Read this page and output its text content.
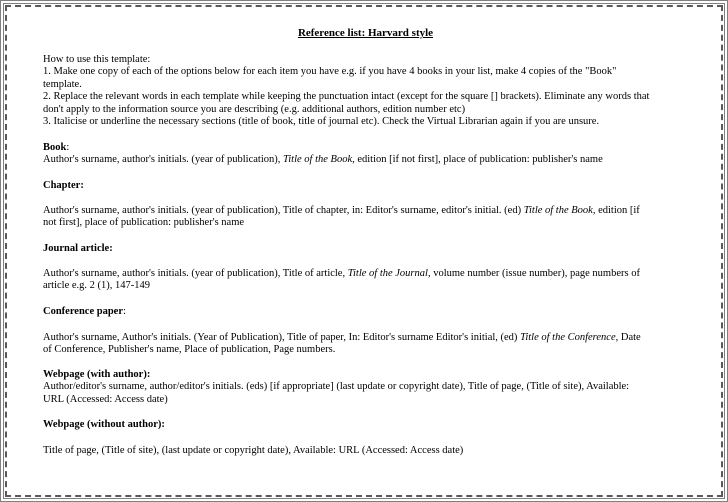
Reference list: Harvard style
How to use this template:
1. Make one copy of each of the options below for each item you have e.g. if you have 4 books in your list, make 4 copies of the "Book"
template.
2. Replace the relevant words in each template while keeping the punctuation intact (except for the square [] brackets). Eliminate any words that
don't apply to the information source you are describing (e.g. additional authors, edition number etc)
3. Italicise or underline the necessary sections (title of book, title of journal etc). Check the Virtual Librarian again if you are unsure.
Book:
Author's surname, author's initials. (year of publication), Title of the Book, edition [if not first], place of publication: publisher's name
Chapter:
Author's surname, author's initials. (year of publication), Title of chapter, in: Editor's surname, editor's initial. (ed) Title of the Book, edition [if
not first], place of publication: publisher's name
Journal article:
Author's surname, author's initials. (year of publication), Title of article, Title of the Journal, volume number (issue number), page numbers of
article e.g. 2 (1), 147-149
Conference paper:
Author's surname, Author's initials. (Year of Publication), Title of paper, In: Editor's surname Editor's initial, (ed) Title of the Conference, Date
of Conference, Publisher's name, Place of publication, Page numbers.
Webpage (with author):
Author/editor's surname, author/editor's initials. (eds) [if appropriate] (last update or copyright date), Title of page, (Title of site), Available:
URL (Accessed: Access date)
Webpage (without author):
Title of page, (Title of site), (last update or copyright date), Available: URL (Accessed: Access date)
